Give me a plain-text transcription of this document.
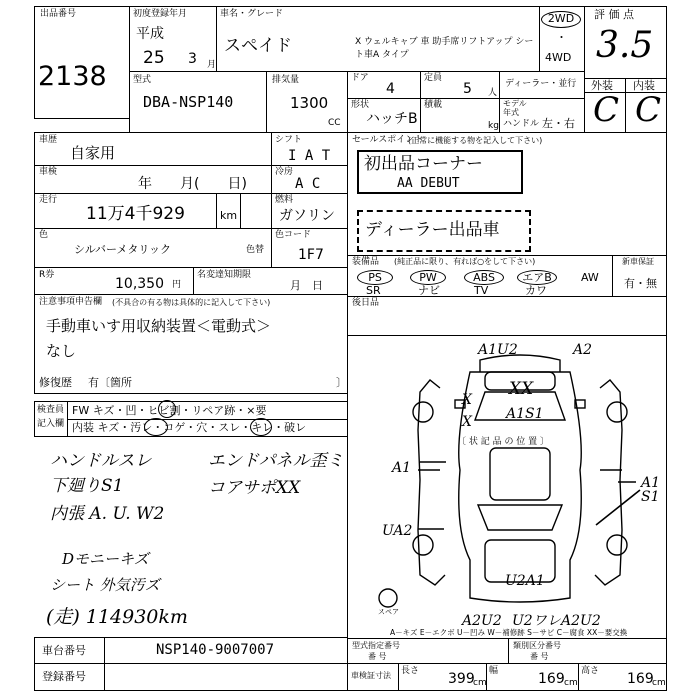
出品番号
2138
初度登録年月
平成
25 3 月
車名・グレード
スペイド	X ウェルキャブ 車 助手席リフトアップ シート車A タイプ
2WD
・
4WD
評 価 点
3.5
型式
DBA-NSP140
排気量
1300
CC
ドア
4
定員
5 人
ディーラー・並行
形状
ハッチB
積載
kg
モデル
年式
ハンドル 左・右
外装 内装
C C
車歴
自家用
シフト
I A T
車検
年　　月(　　日)
冷房
A C
走行
11万4千929	km
燃料
ガソリン
色
シルバーメタリック	色替
色コード
1F7
R券
10,350 円
名変達知期限
月　日
セールスポイント
(正常に機能する物を記入して下さい)
初出品コーナー
AA DEBUT
ディーラー出品車
装備品 (純正品に限り、有れば○をして下さい)
PS	PW	ABS	エアB	AW
SR	ナビ	TV	カワ
新車保証
有・無
後日品
注意事項申告欄 (不具合の有る物は具体的に記入して下さい)
手動車いす用収納装置＜電動式＞
なし
修復歴 有〔箇所	〕
検査員
記入欄
FW キズ・凹・ヒビ割・リペア跡・×要
内装 キズ・汚レ・コゲ・穴・スレ・キレ・破レ
ハンドルスレ	エンドパネル歪ミ
下廻りS1	コアサポXX
内張 A. U. W2
Dモニーキズ
シート 外気汚ズ
(走) 114930km
〔 状 記 品 の 位 置 〕
A1U2	A2
XX
A1S1
X
X
A1
A1 S1
UA2
U2A1
A2U2 U2ワレ A2U2
スペア
A－キズ E－エクボ U－凹み W－補修跡 S－サビ C－腐食 XX－要交換
車台番号	NSP140-9007007
登録番号
型式指定番号
番 号
類別区分番号
番 号
車検証寸法 長さ 399
cm
幅	169 cm
高さ 169
cm
